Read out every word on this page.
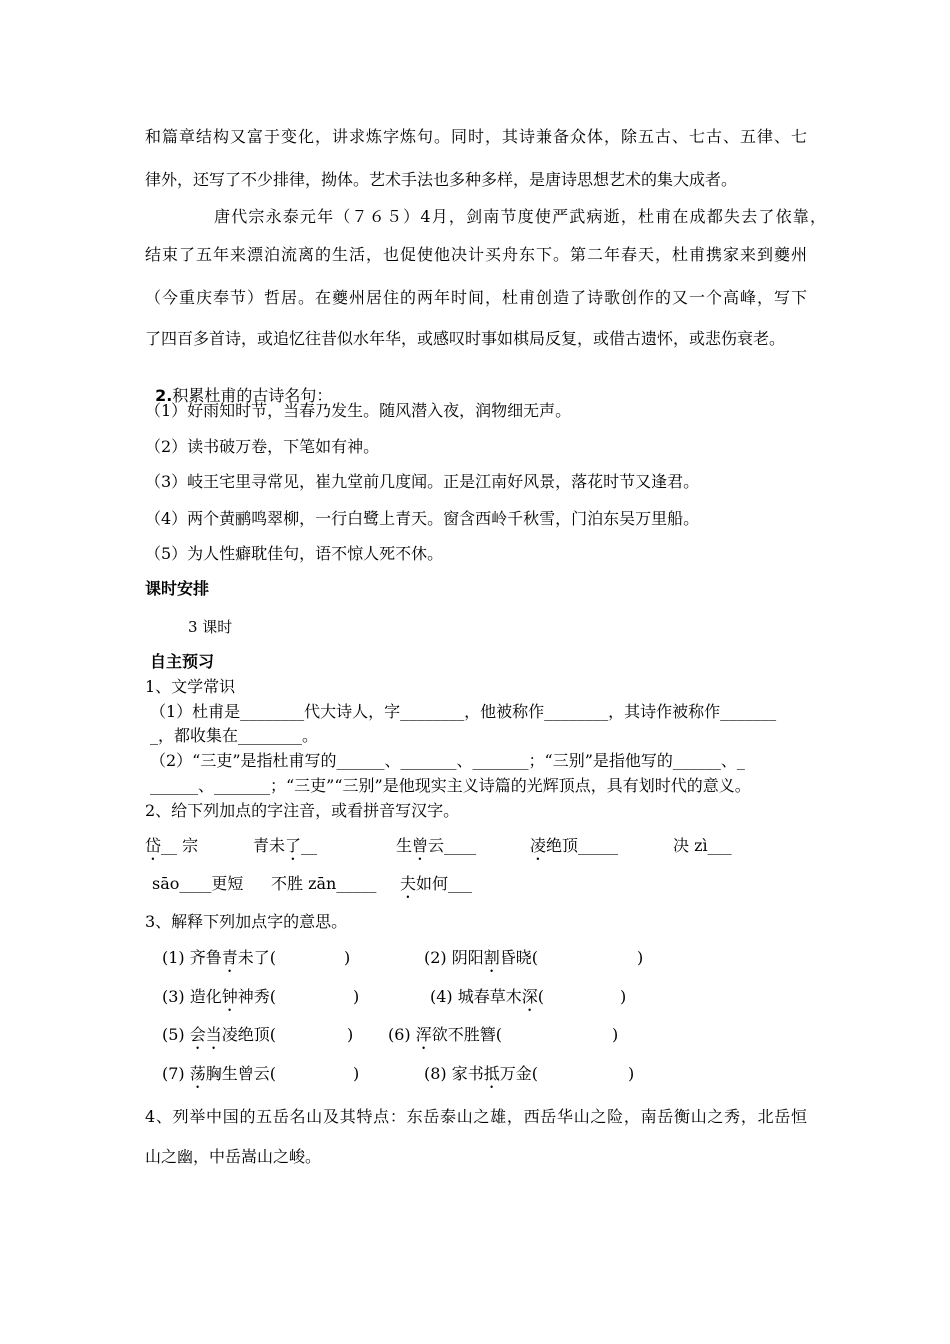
和篇章结构又富于变化，讲求炼字炼句。同时，其诗兼备众体，除五古、七古、五律、七
律外，还写了不少排律，拗体。艺术手法也多种多样，是唐诗思想艺术的集大成者。
唐代宗永泰元年（７６５）4月，剑南节度使严武病逝，杜甫在成都失去了依靠，
结束了五年来漂泊流离的生活，也促使他决计买舟东下。第二年春天，杜甫携家来到夔州
（今重庆奉节）哲居。在夔州居住的两年时间，杜甫创造了诗歌创作的又一个高峰，写下
了四百多首诗，或追忆往昔似水年华，或感叹时事如棋局反复，或借古遗怀，或悲伤衰老。

2.积累杜甫的古诗名句：

（1）好雨知时节，当春乃发生。随风潜入夜，润物细无声。
（2）读书破万卷，下笔如有神。
（3）岐王宅里寻常见，崔九堂前几度闻。正是江南好风景，落花时节又逢君。
（4）两个黄鹂鸣翠柳，一行白鹭上青天。窗含西岭千秋雪，门泊东吴万里船。
（5）为人性癖耽佳句，语不惊人死不休。
课时安排
3 课时
自主预习
1、文学常识
（1）杜甫是________代大诗人，字________，他被称作________，其诗作被称作_______
_，都收集在________。
（2）“三吏”是指杜甫写的______、_______、_______；“三别”是指他写的______、_
______、_______；“三吏”“三别”是他现实主义诗篇的光辉顶点，具有划时代的意义。
2、给下列加点的字注音，或看拼音写汉字。
岱__ 宗	青未了__	生曾云____	凌绝顶_____	决 zì___
sāo____更短 不胜 zān_____ 夫如何___
3、解释下列加点字的意思。
(1) 齐鲁青未了(	)	(2) 阴阳割昏晓(	)
(3) 造化钟神秀(	)	(4) 城春草木深(	)
(5) 会当凌绝顶(	) (6) 浑欲不胜簪(	)
(7) 荡胸生曾云(	)	(8) 家书抵万金(	)
4、列举中国的五岳名山及其特点：东岳泰山之雄，西岳华山之险，南岳衡山之秀，北岳恒
山之幽，中岳嵩山之峻。
